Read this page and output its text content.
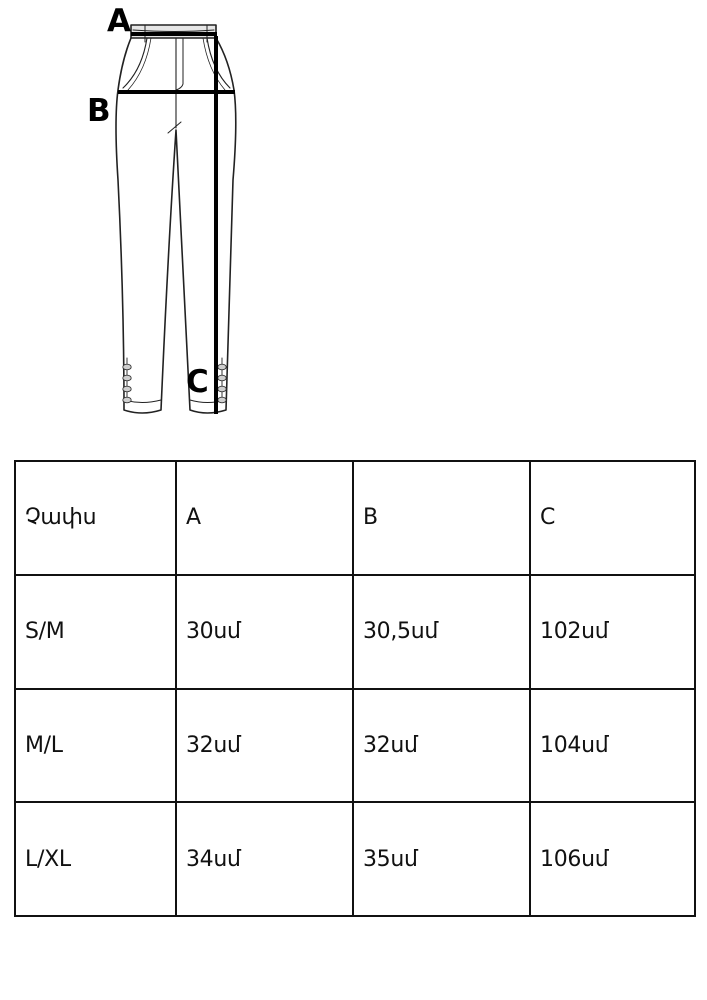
A
B
C
Չափս	A	B	C
S/M	30սմ	30,5սմ	102սմ
M/L	32սմ	32սմ	104սմ
L/XL	34սմ	35սմ	106սմ
